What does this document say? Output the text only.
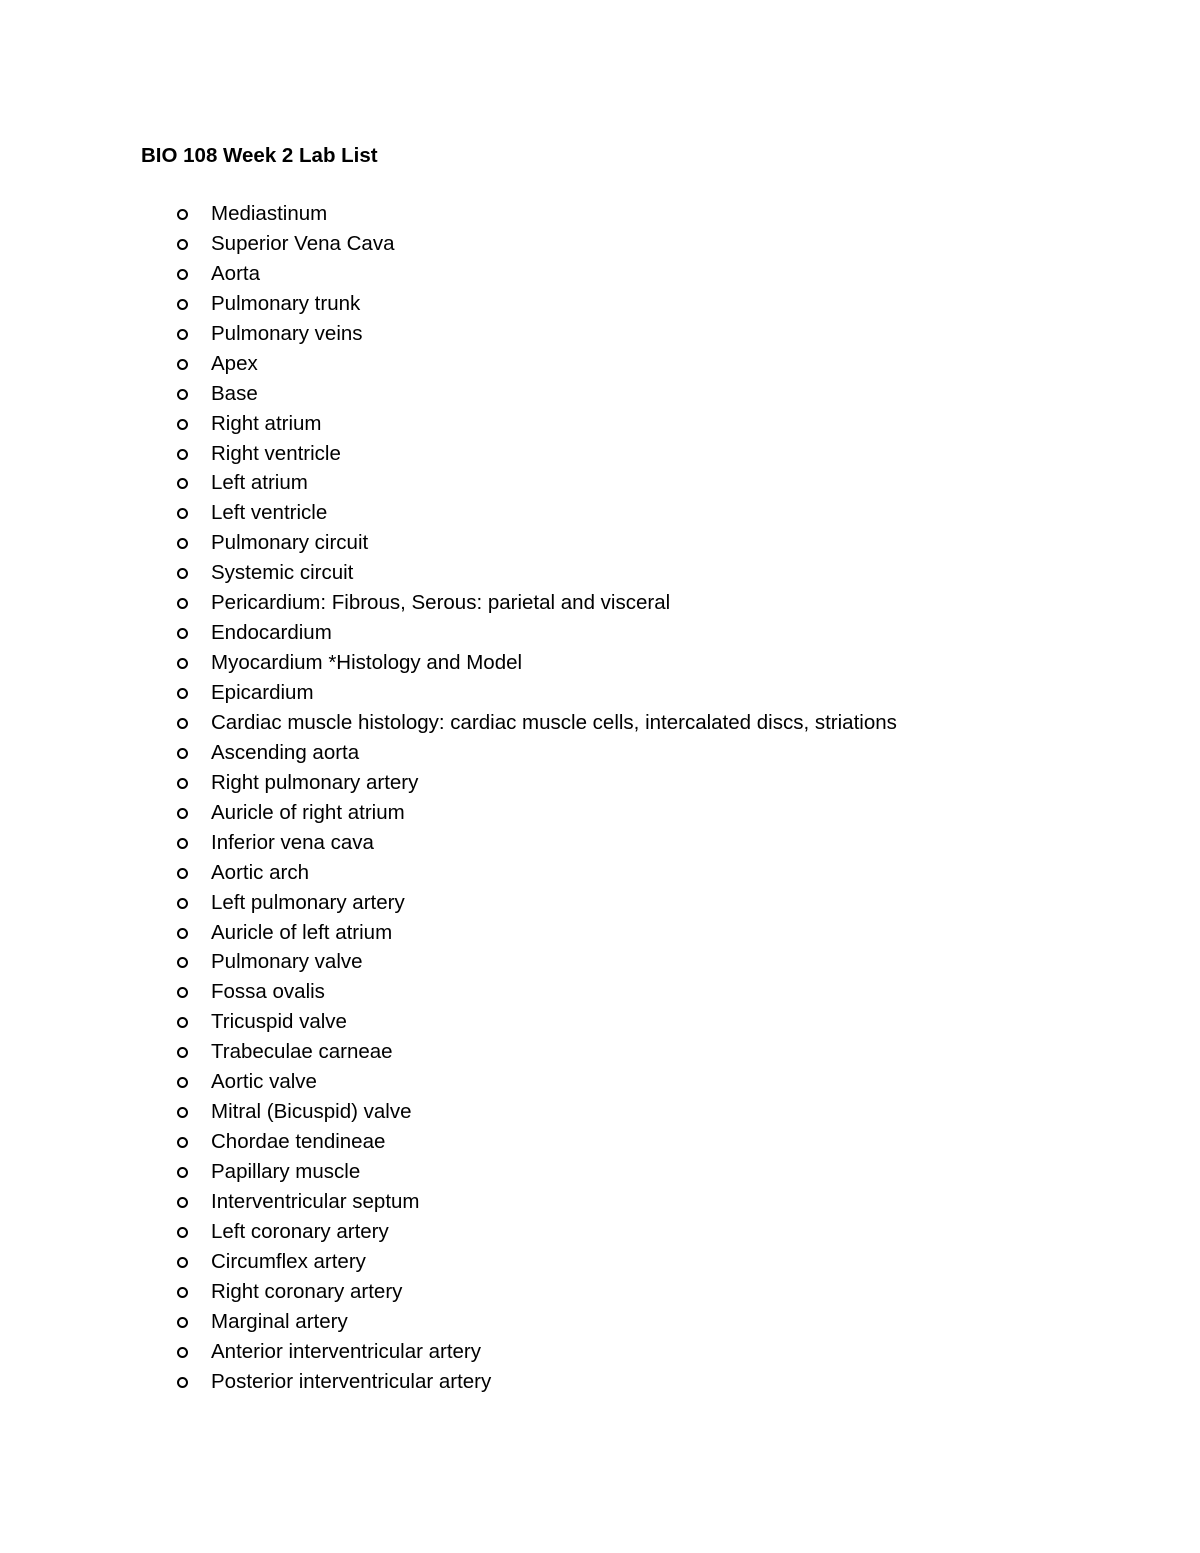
BIO 108 Week 2 Lab List
Mediastinum
Superior Vena Cava
Aorta
Pulmonary trunk
Pulmonary veins
Apex
Base
Right atrium
Right ventricle
Left atrium
Left ventricle
Pulmonary circuit
Systemic circuit
Pericardium: Fibrous, Serous: parietal and visceral
Endocardium
Myocardium *Histology and Model
Epicardium
Cardiac muscle histology: cardiac muscle cells, intercalated discs, striations
Ascending aorta
Right pulmonary artery
Auricle of right atrium
Inferior vena cava
Aortic arch
Left pulmonary artery
Auricle of left atrium
Pulmonary valve
Fossa ovalis
Tricuspid valve
Trabeculae carneae
Aortic valve
Mitral (Bicuspid) valve
Chordae tendineae
Papillary muscle
Interventricular septum
Left coronary artery
Circumflex artery
Right coronary artery
Marginal artery
Anterior interventricular artery
Posterior interventricular artery
